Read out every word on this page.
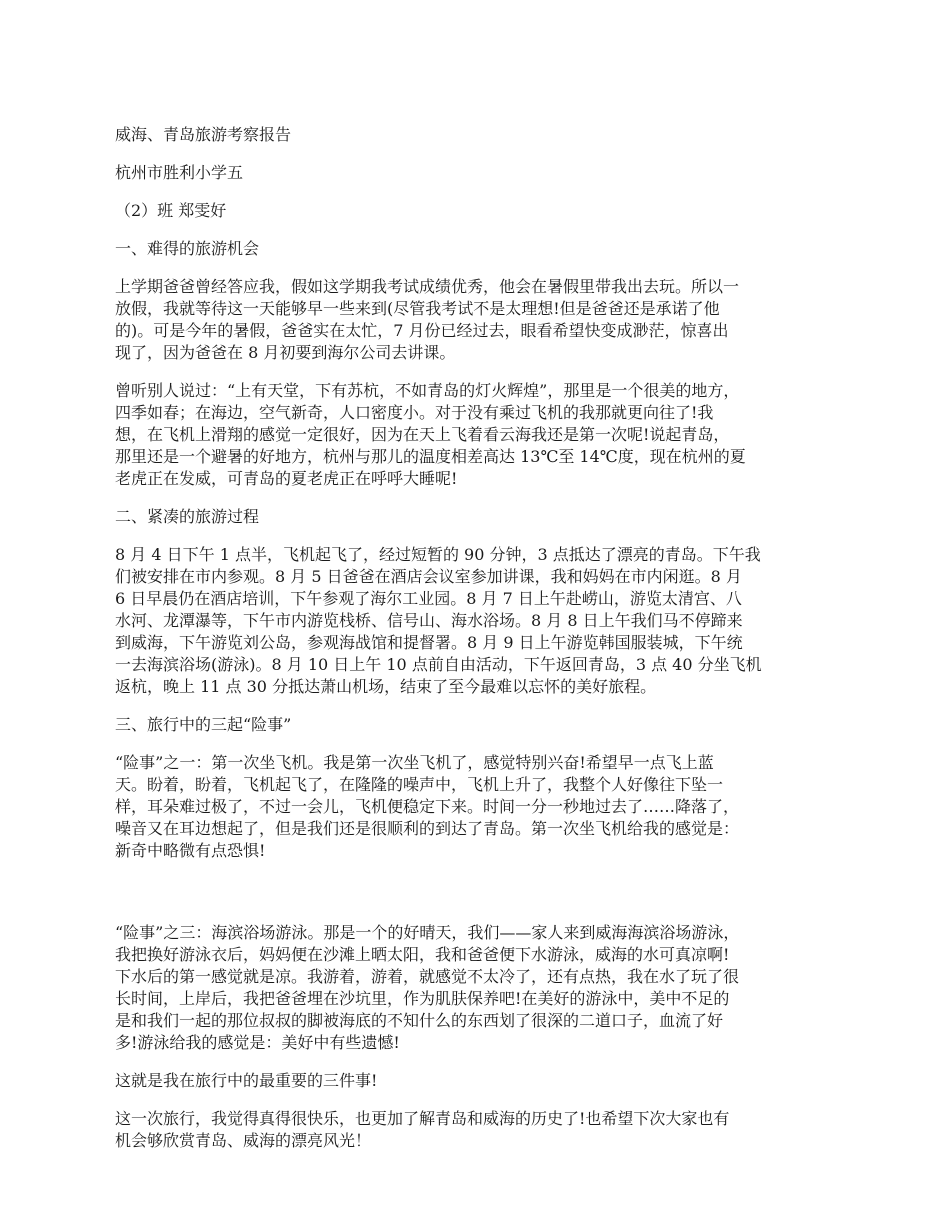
威海、青岛旅游考察报告
杭州市胜利小学五
（2）班 郑雯好
一、难得的旅游机会
上学期爸爸曾经答应我，假如这学期我考试成绩优秀，他会在暑假里带我出去玩。所以一
放假，我就等待这一天能够早一些来到(尽管我考试不是太理想!但是爸爸还是承诺了他
的)。可是今年的暑假，爸爸实在太忙，7 月份已经过去，眼看希望快变成渺茫，惊喜出
现了，因为爸爸在 8 月初要到海尔公司去讲课。
曾听别人说过：“上有天堂，下有苏杭，不如青岛的灯火辉煌”，那里是一个很美的地方，
四季如春；在海边，空气新奇，人口密度小。对于没有乘过飞机的我那就更向往了!我
想，在飞机上滑翔的感觉一定很好，因为在天上飞着看云海我还是第一次呢!说起青岛，
那里还是一个避暑的好地方，杭州与那儿的温度相差高达 13℃至 14℃度，现在杭州的夏
老虎正在发威，可青岛的夏老虎正在呼呼大睡呢!
二、紧凑的旅游过程
8 月 4 日下午 1 点半，飞机起飞了，经过短暂的 90 分钟，3 点抵达了漂亮的青岛。下午我
们被安排在市内参观。8 月 5 日爸爸在酒店会议室参加讲课，我和妈妈在市内闲逛。8 月
6 日早晨仍在酒店培训，下午参观了海尔工业园。8 月 7 日上午赴崂山，游览太清宫、八
水河、龙潭瀑等，下午市内游览栈桥、信号山、海水浴场。8 月 8 日上午我们马不停蹄来
到威海，下午游览刘公岛，参观海战馆和提督署。8 月 9 日上午游览韩国服装城，下午统
一去海滨浴场(游泳)。8 月 10 日上午 10 点前自由活动，下午返回青岛，3 点 40 分坐飞机
返杭，晚上 11 点 30 分抵达萧山机场，结束了至今最难以忘怀的美好旅程。
三、旅行中的三起“险事”
“险事”之一：第一次坐飞机。我是第一次坐飞机了，感觉特别兴奋!希望早一点飞上蓝
天。盼着，盼着，飞机起飞了，在隆隆的噪声中，飞机上升了，我整个人好像往下坠一
样，耳朵难过极了，不过一会儿，飞机便稳定下来。时间一分一秒地过去了……降落了，
噪音又在耳边想起了，但是我们还是很顺利的到达了青岛。第一次坐飞机给我的感觉是：
新奇中略微有点恐惧!
“险事”之三：海滨浴场游泳。那是一个的好晴天，我们——家人来到威海海滨浴场游泳，
我把换好游泳衣后，妈妈便在沙滩上晒太阳，我和爸爸便下水游泳，威海的水可真凉啊!
下水后的第一感觉就是凉。我游着，游着，就感觉不太冷了，还有点热，我在水了玩了很
长时间，上岸后，我把爸爸埋在沙坑里，作为肌肤保养吧!在美好的游泳中，美中不足的
是和我们一起的那位叔叔的脚被海底的不知什么的东西划了很深的二道口子，血流了好
多!游泳给我的感觉是：美好中有些遗憾!
这就是我在旅行中的最重要的三件事!
这一次旅行，我觉得真得很快乐，也更加了解青岛和威海的历史了!也希望下次大家也有
机会够欣赏青岛、威海的漂亮风光！
